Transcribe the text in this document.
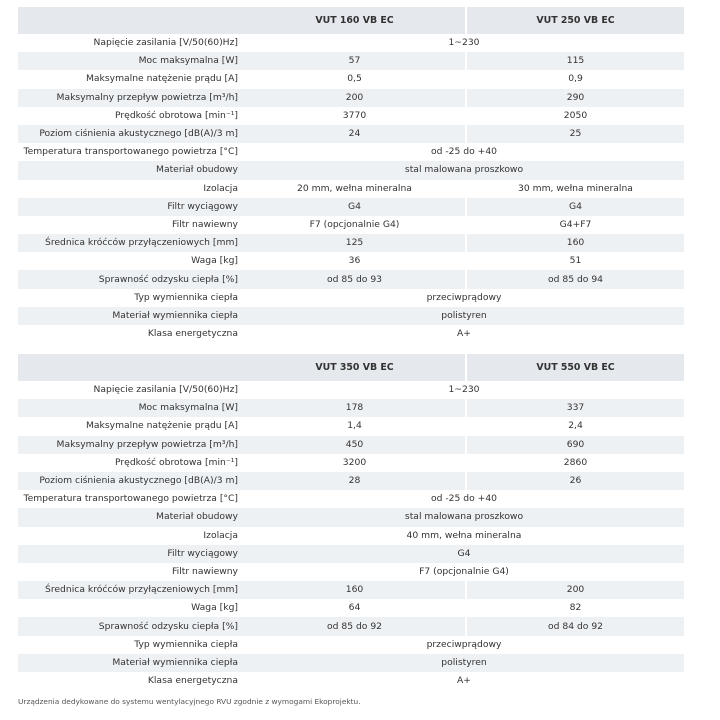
	VUT 160 VB EC	VUT 250 VB EC
Napięcie zasilania [V/50(60)Hz]	1~230	
Moc maksymalna [W]	57	115
Maksymalne natężenie prądu [A]	0,5	0,9
Maksymalny przepływ powietrza [m³/h]	200	290
Prędkość obrotowa [min⁻¹]	3770	2050
Poziom ciśnienia akustycznego [dB(A)/3 m]	24	25
Temperatura transportowanego powietrza [°C]	od -25 do +40	
Materiał obudowy	stal malowana proszkowo	
Izolacja	20 mm, wełna mineralna	30 mm, wełna mineralna
Filtr wyciągowy	G4	G4
Filtr nawiewny	F7 (opcjonalnie G4)	G4+F7
Średnica króćców przyłączeniowych [mm]	125	160
Waga [kg]	36	51
Sprawność odzysku ciepła [%]	od 85 do 93	od 85 do 94
Typ wymiennika ciepła	przeciwprądowy	
Materiał wymiennika ciepła	polistyren	
Klasa energetyczna	A+	
	VUT 350 VB EC	VUT 550 VB EC
Napięcie zasilania [V/50(60)Hz]	1~230	
Moc maksymalna [W]	178	337
Maksymalne natężenie prądu [A]	1,4	2,4
Maksymalny przepływ powietrza [m³/h]	450	690
Prędkość obrotowa [min⁻¹]	3200	2860
Poziom ciśnienia akustycznego [dB(A)/3 m]	28	26
Temperatura transportowanego powietrza [°C]	od -25 do +40	
Materiał obudowy	stal malowana proszkowo	
Izolacja	40 mm, wełna mineralna	
Filtr wyciągowy	G4	
Filtr nawiewny	F7 (opcjonalnie G4)	
Średnica króćców przyłączeniowych [mm]	160	200
Waga [kg]	64	82
Sprawność odzysku ciepła [%]	od 85 do 92	od 84 do 92
Typ wymiennika ciepła	przeciwprądowy	
Materiał wymiennika ciepła	polistyren	
Klasa energetyczna	A+	
Urządzenia dedykowane do systemu wentylacyjnego RVU zgodnie z wymogami Ekoprojektu.
